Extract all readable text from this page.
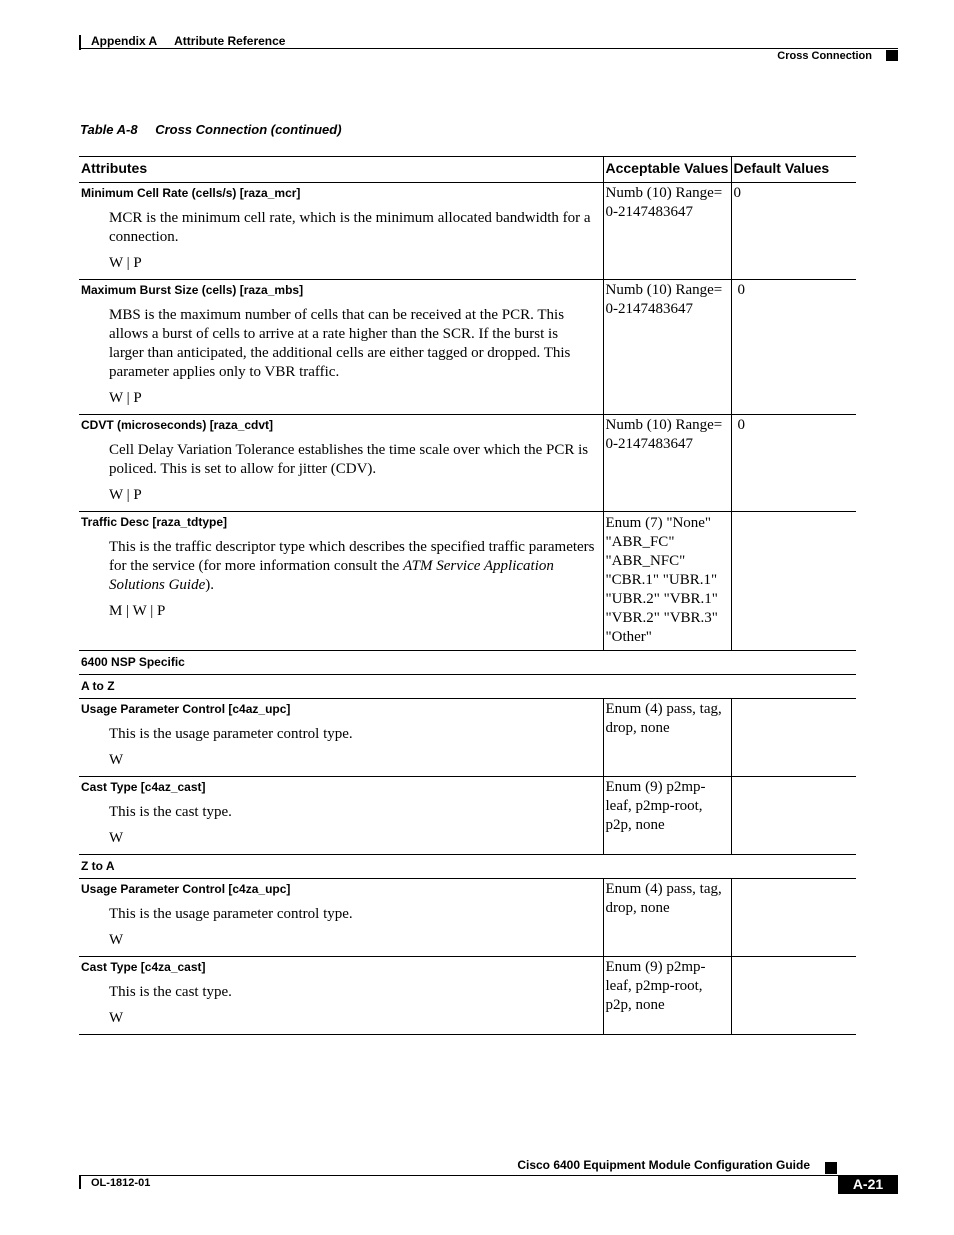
Appendix A Attribute Reference
Cross Connection
Table A-8 Cross Connection (continued)
Attributes	Acceptable Values	Default Values

Minimum Cell Rate (cells/s) [raza_mcr]
MCR is the minimum cell rate, which is the minimum allocated bandwidth for a connection.
W | P	Numb (10) Range=0-2147483647	0

Maximum Burst Size (cells) [raza_mbs]
MBS is the maximum number of cells that can be received at the PCR. This allows a burst of cells to arrive at a rate higher than the SCR. If the burst is larger than anticipated, the additional cells are either tagged or dropped. This parameter applies only to VBR traffic.
W | P	Numb (10) Range=0-2147483647	0

CDVT (microseconds) [raza_cdvt]
Cell Delay Variation Tolerance establishes the time scale over which the PCR is policed. This is set to allow for jitter (CDV).
W | P	Numb (10) Range=0-2147483647	0

Traffic Desc [raza_tdtype]
This is the traffic descriptor type which describes the specified traffic parameters for the service (for more information consult the ATM Service Application Solutions Guide).
M | W | P	Enum (7) "None" "ABR_FC" "ABR_NFC" "CBR.1" "UBR.1" "UBR.2" "VBR.1" "VBR.2" "VBR.3" "Other"	

6400 NSP Specific		

A to Z		

Usage Parameter Control [c4az_upc]
This is the usage parameter control type.
W	Enum (4) pass, tag, drop, none	

Cast Type [c4az_cast]
This is the cast type.
W	Enum (9) p2mp-leaf, p2mp-root, p2p, none	

Z to A		

Usage Parameter Control [c4za_upc]
This is the usage parameter control type.
W	Enum (4) pass, tag, drop, none	

Cast Type [c4za_cast]
This is the cast type.
W	Enum (9) p2mp-leaf, p2mp-root, p2p, none	

Cisco 6400 Equipment Module Configuration Guide
OL-1812-01	A-21
